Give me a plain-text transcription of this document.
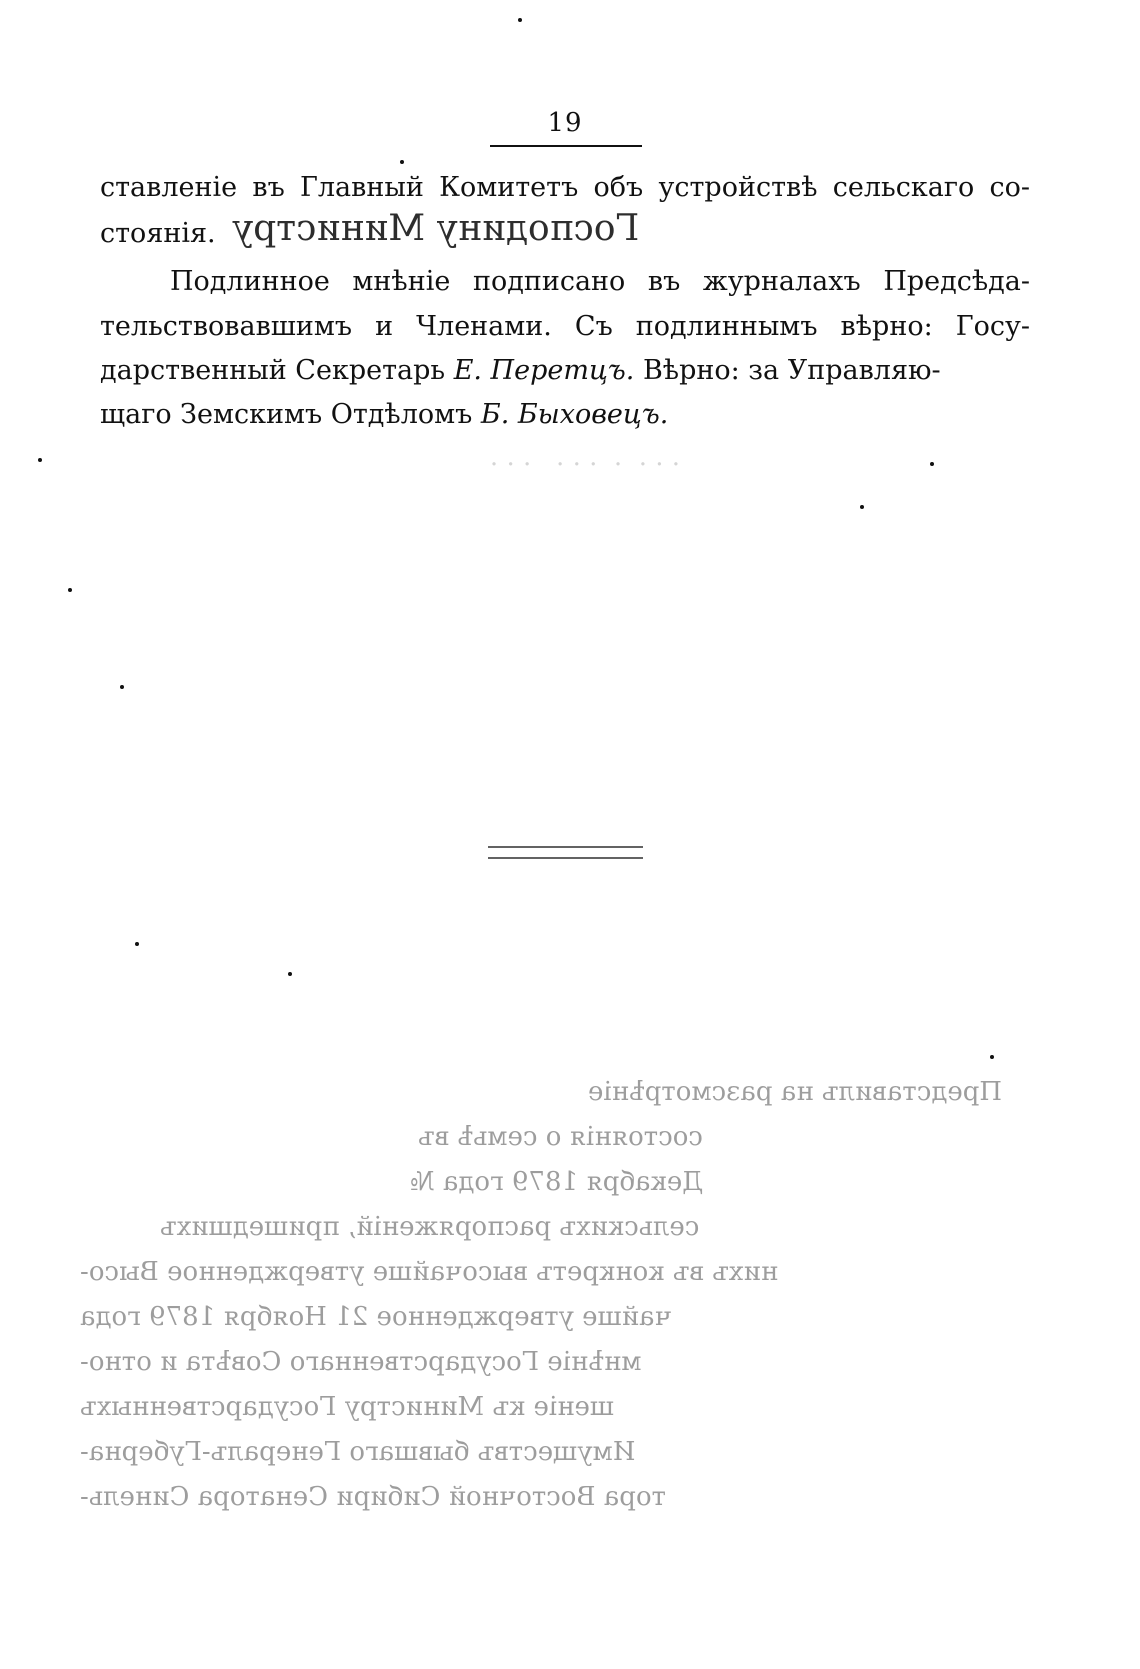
19
ставленіе въ Главный Комитетъ объ устройствѣ сельскаго со-
стоянія. Господину Министру
Подлинное мнѣніе подписано въ журналахъ Предсѣда-
тельствовавшимъ и Членами. Съ подлиннымъ вѣрно: Госу-
дарственный Секретарь Е. Перетцъ. Вѣрно: за Управляю-
щаго Земскимъ Отдѣломъ Б. Быховецъ.
· · ·  ·  · · ·   · · ·
Представилъ на разсмотрѣніе
состоянія о семьѣ въ
Декабря 1879 года №
сельскихъ распоряженій, пришедшихъ
нихъ въ конкретъ высочайше утвержденное Высо-
чайше утвержденное 21 Ноября 1879 года
мнѣніе Государственнаго Совѣта и отно-
шеніе къ Министру Государственныхъ
Имуществъ бывшаго Генералъ-Губерна-
тора Восточной Сибири Сенатора Синель-
